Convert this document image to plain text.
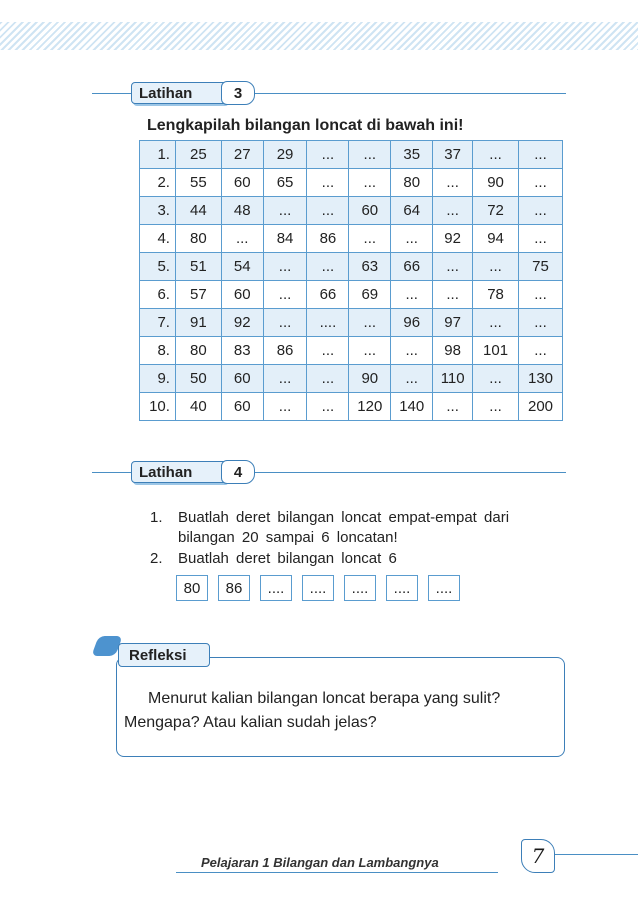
Latihan	3
Lengkapilah bilangan loncat di bawah ini!
1.	25	27	29	...	...	35	37	...	...
2.	55	60	65	...	...	80	...	90	...
3.	44	48	...	...	60	64	...	72	...
4.	80	...	84	86	...	...	92	94	...
5.	51	54	...	...	63	66	...	...	75
6.	57	60	...	66	69	...	...	78	...
7.	91	92	...	....	...	96	97	...	...
8.	80	83	86	...	...	...	98	101	...
9.	50	60	...	...	90	...	110	...	130
10.	40	60	...	...	120	140	...	...	200
Latihan	4
1. Buatlah deret bilangan loncat empat-empat dari
bilangan 20 sampai 6 loncatan!
2. Buatlah deret bilangan loncat 6
80	86	....	....	....	....	....
Refleksi
Menurut kalian bilangan loncat berapa yang sulit?
Mengapa? Atau kalian sudah jelas?
Pelajaran 1 Bilangan dan Lambangnya	7
